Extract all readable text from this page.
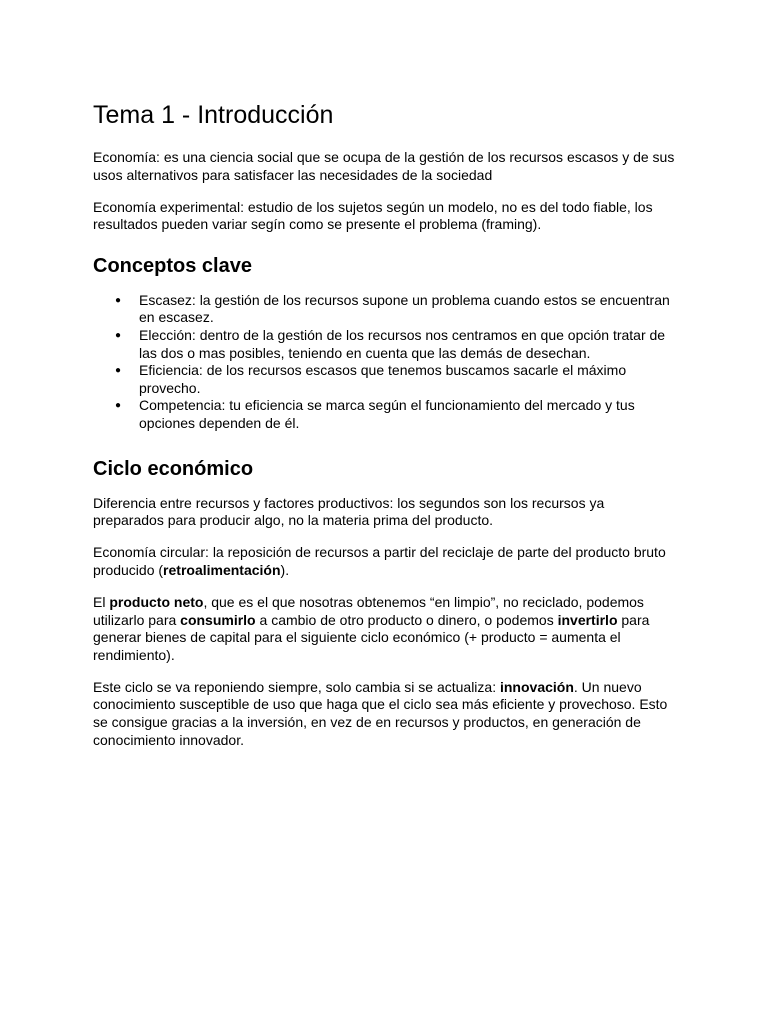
Tema 1 - Introducción

Economía: es una ciencia social que se ocupa de la gestión de los recursos escasos y de sus usos alternativos para satisfacer las necesidades de la sociedad

Economía experimental: estudio de los sujetos según un modelo, no es del todo fiable, los resultados pueden variar segín como se presente el problema (framing).

Conceptos clave
● Escasez: la gestión de los recursos supone un problema cuando estos se encuentran en escasez.
● Elección: dentro de la gestión de los recursos nos centramos en que opción tratar de las dos o mas posibles, teniendo en cuenta que las demás de desechan.
● Eficiencia: de los recursos escasos que tenemos buscamos sacarle el máximo provecho.
● Competencia: tu eficiencia se marca según el funcionamiento del mercado y tus opciones dependen de él.
Ciclo económico

Diferencia entre recursos y factores productivos: los segundos son los recursos ya preparados para producir algo, no la materia prima del producto.

Economía circular: la reposición de recursos a partir del reciclaje de parte del producto bruto producido (retroalimentación).

El producto neto, que es el que nosotras obtenemos “en limpio”, no reciclado, podemos utilizarlo para consumirlo a cambio de otro producto o dinero, o podemos invertirlo para generar bienes de capital para el siguiente ciclo económico (+ producto = aumenta el rendimiento).

Este ciclo se va reponiendo siempre, solo cambia si se actualiza: innovación. Un nuevo conocimiento susceptible de uso que haga que el ciclo sea más eficiente y provechoso. Esto se consigue gracias a la inversión, en vez de en recursos y productos, en generación de conocimiento innovador.
